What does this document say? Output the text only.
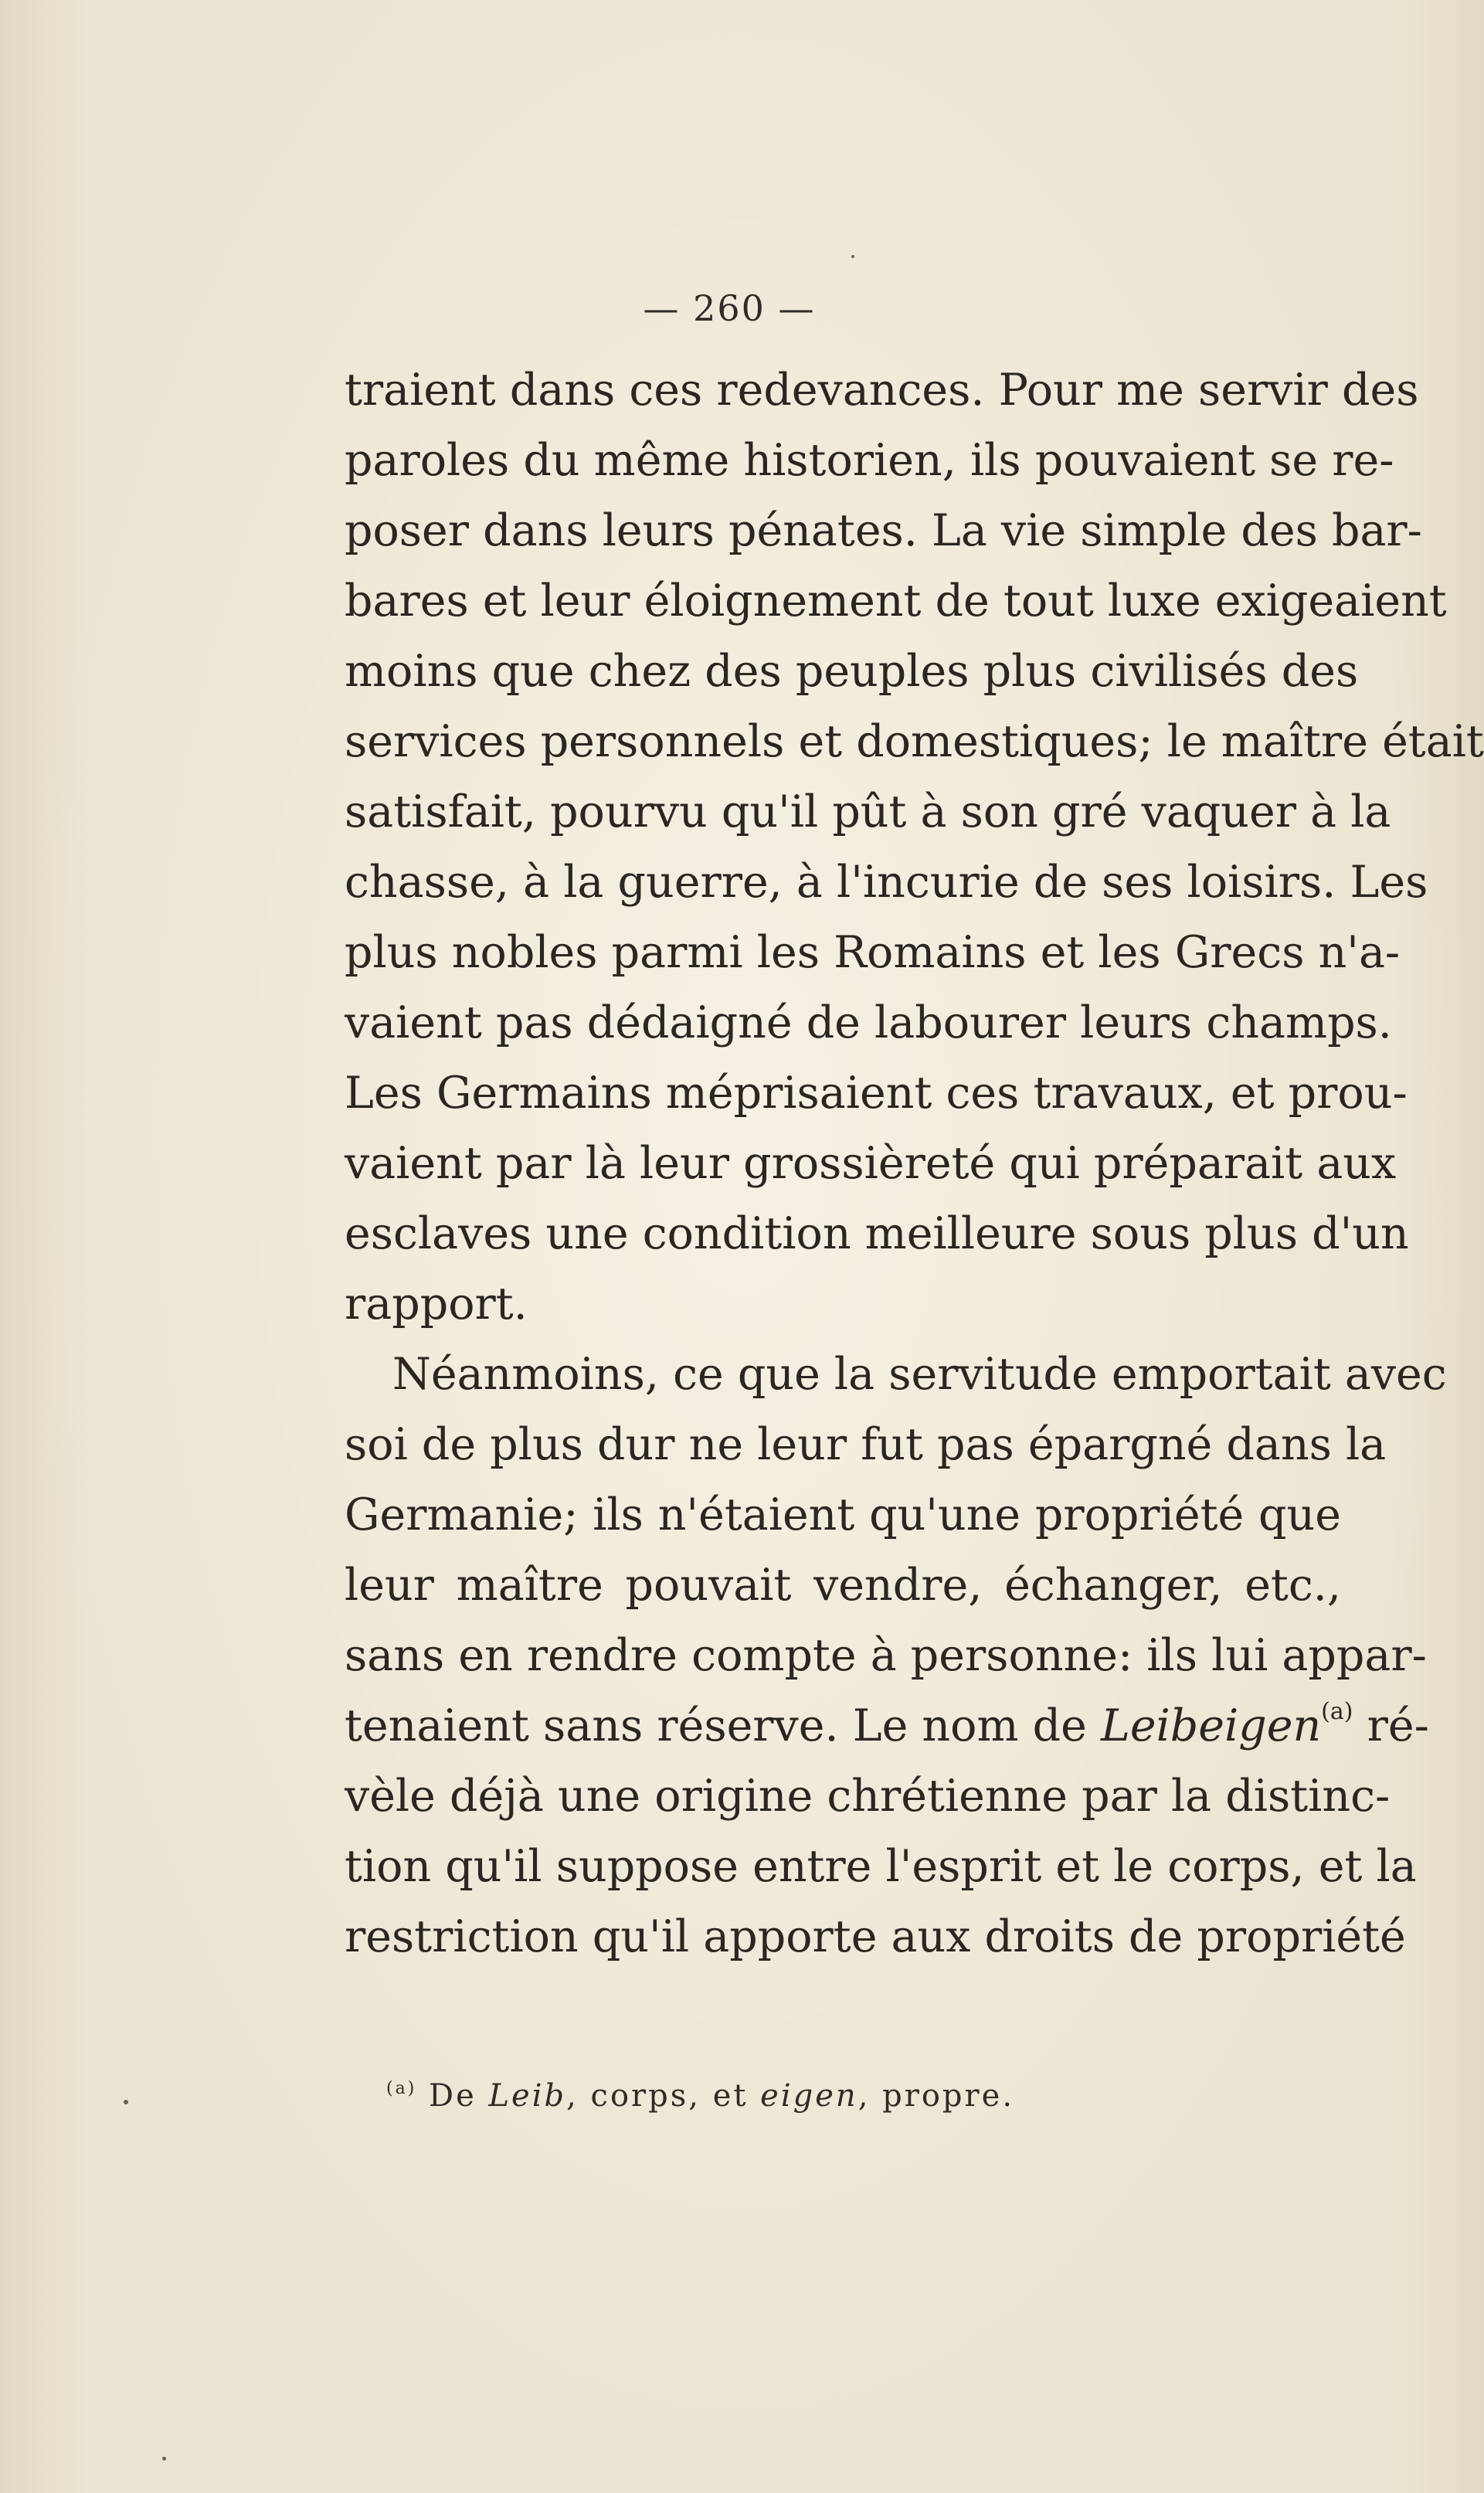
— 260 —
traient dans ces redevances. Pour me servir des
paroles du même historien, ils pouvaient se re-
poser dans leurs pénates. La vie simple des bar-
bares et leur éloignement de tout luxe exigeaient
moins que chez des peuples plus civilisés des
services personnels et domestiques; le maître était
satisfait, pourvu qu'il pût à son gré vaquer à la
chasse, à la guerre, à l'incurie de ses loisirs. Les
plus nobles parmi les Romains et les Grecs n'a-
vaient pas dédaigné de labourer leurs champs.
Les Germains méprisaient ces travaux, et prou-
vaient par là leur grossièreté qui préparait aux
esclaves une condition meilleure sous plus d'un
rapport.
Néanmoins, ce que la servitude emportait avec
soi de plus dur ne leur fut pas épargné dans la
Germanie; ils n'étaient qu'une propriété que
leur maître pouvait vendre, échanger, etc.,
sans en rendre compte à personne: ils lui appar-
tenaient sans réserve. Le nom de Leibeigen$^{(a)}$ ré-
vèle déjà une origine chrétienne par la distinc-
tion qu'il suppose entre l'esprit et le corps, et la
restriction qu'il apporte aux droits de propriété
$^{(a)}$ De Leib, corps, et eigen, propre.
